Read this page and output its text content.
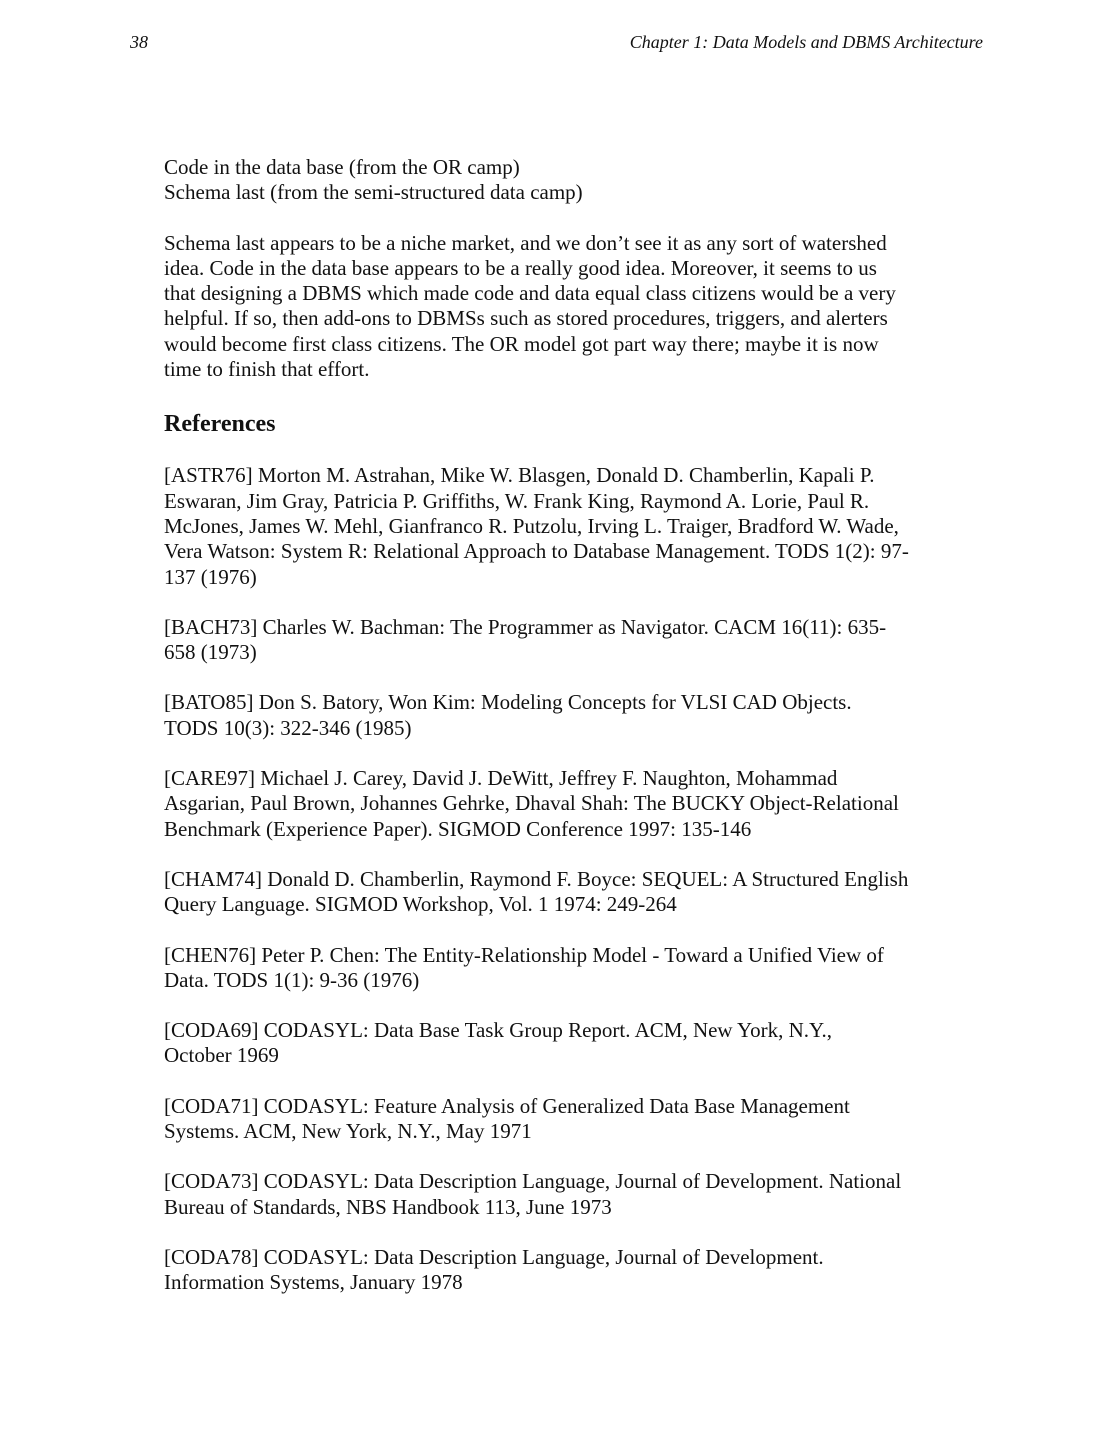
38	Chapter 1: Data Models and DBMS Architecture
Code in the data base (from the OR camp)
Schema last (from the semi-structured data camp)
Schema last appears to be a niche market, and we don’t see it as any sort of watershed
idea. Code in the data base appears to be a really good idea. Moreover, it seems to us
that designing a DBMS which made code and data equal class citizens would be a very
helpful. If so, then add-ons to DBMSs such as stored procedures, triggers, and alerters
would become first class citizens. The OR model got part way there; maybe it is now
time to finish that effort.
References
[ASTR76] Morton M. Astrahan, Mike W. Blasgen, Donald D. Chamberlin, Kapali P.
Eswaran, Jim Gray, Patricia P. Griffiths, W. Frank King, Raymond A. Lorie, Paul R.
McJones, James W. Mehl, Gianfranco R. Putzolu, Irving L. Traiger, Bradford W. Wade,
Vera Watson: System R: Relational Approach to Database Management. TODS 1(2): 97-
137 (1976)
[BACH73] Charles W. Bachman: The Programmer as Navigator. CACM 16(11): 635-
658 (1973)
[BATO85] Don S. Batory, Won Kim: Modeling Concepts for VLSI CAD Objects.
TODS 10(3): 322-346 (1985)
[CARE97] Michael J. Carey, David J. DeWitt, Jeffrey F. Naughton, Mohammad
Asgarian, Paul Brown, Johannes Gehrke, Dhaval Shah: The BUCKY Object-Relational
Benchmark (Experience Paper). SIGMOD Conference 1997: 135-146
[CHAM74] Donald D. Chamberlin, Raymond F. Boyce: SEQUEL: A Structured English
Query Language. SIGMOD Workshop, Vol. 1 1974: 249-264
[CHEN76] Peter P. Chen: The Entity-Relationship Model - Toward a Unified View of
Data. TODS 1(1): 9-36 (1976)
[CODA69] CODASYL: Data Base Task Group Report. ACM, New York, N.Y.,
October 1969
[CODA71] CODASYL: Feature Analysis of Generalized Data Base Management
Systems. ACM, New York, N.Y., May 1971
[CODA73] CODASYL: Data Description Language, Journal of Development. National
Bureau of Standards, NBS Handbook 113, June 1973
[CODA78] CODASYL: Data Description Language, Journal of Development.
Information Systems, January 1978
